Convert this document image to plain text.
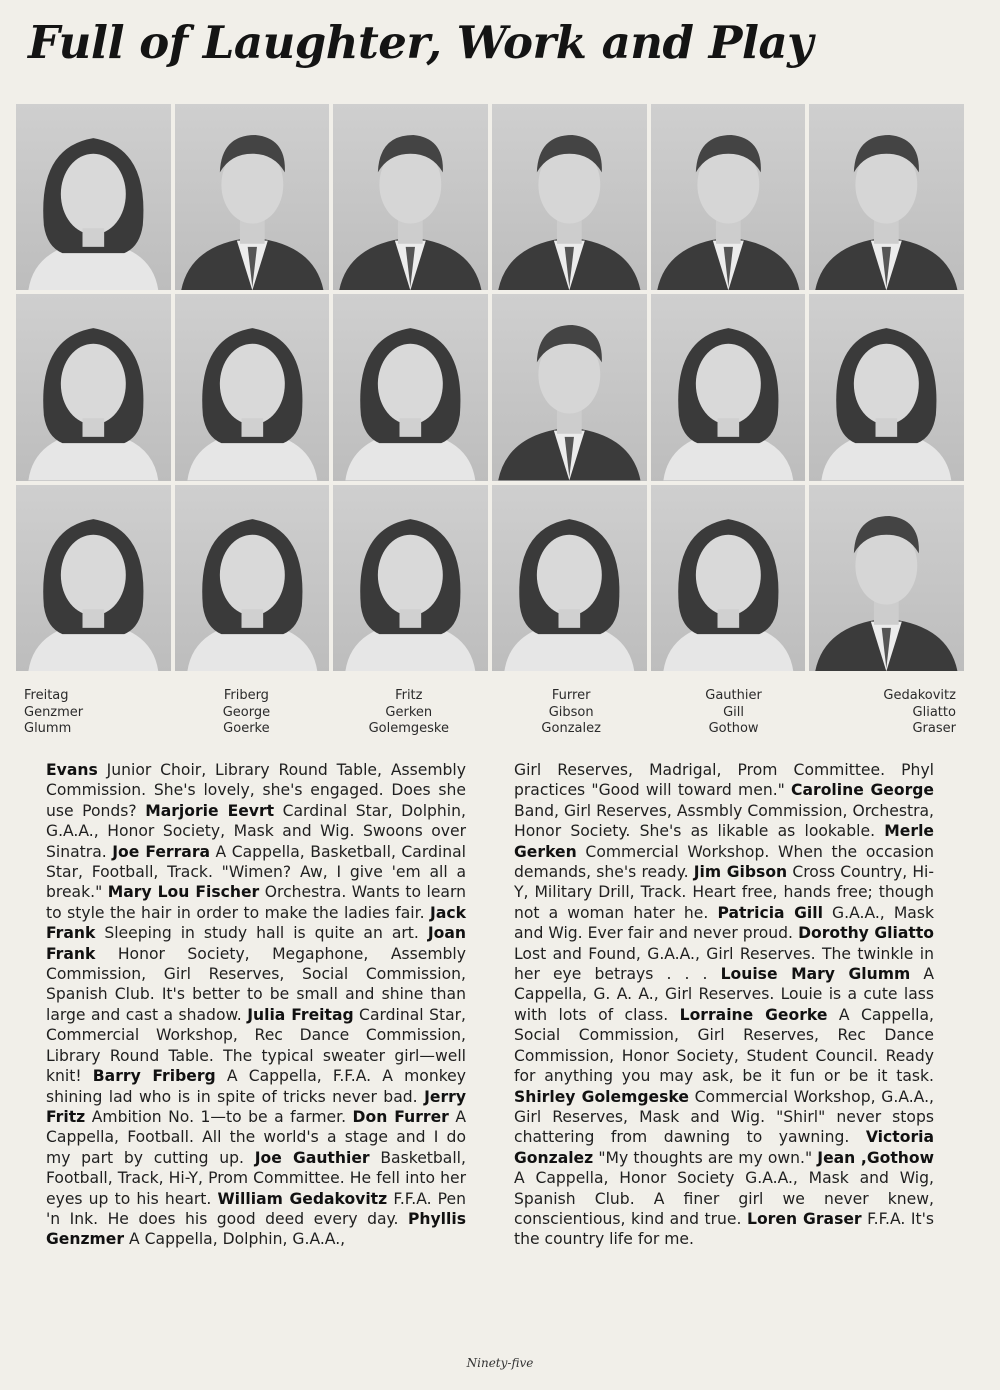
Full of Laughter, Work and Play
Freitag
Genzmer
Glumm
Friberg
George
Goerke
Fritz
Gerken
Golemgeske
Furrer
Gibson
Gonzalez
Gauthier
Gill
Gothow
Gedakovitz
Gliatto
Graser
Evans Junior Choir, Library Round Table, Assembly Commission. She's lovely, she's engaged. Does she use Ponds? Marjorie Eevrt Cardinal Star, Dolphin, G.A.A., Honor Society, Mask and Wig. Swoons over Sinatra. Joe Ferrara A Cappella, Basketball, Cardinal Star, Football, Track. "Wimen? Aw, I give 'em all a break." Mary Lou Fischer Orchestra. Wants to learn to style the hair in order to make the ladies fair. Jack Frank Sleeping in study hall is quite an art. Joan Frank Honor Society, Megaphone, Assembly Commission, Girl Reserves, Social Commission, Spanish Club. It's better to be small and shine than large and cast a shadow. Julia Freitag Cardinal Star, Commercial Workshop, Rec Dance Commission, Library Round Table. The typical sweater girl—well knit! Barry Friberg A Cappella, F.F.A. A monkey shining lad who is in spite of tricks never bad. Jerry Fritz Ambition No. 1—to be a farmer. Don Furrer A Cappella, Football. All the world's a stage and I do my part by cutting up. Joe Gauthier Basketball, Football, Track, Hi-Y, Prom Committee. He fell into her eyes up to his heart. William Gedakovitz F.F.A. Pen 'n Ink. He does his good deed every day. Phyllis Genzmer A Cappella, Dolphin, G.A.A.,
Girl Reserves, Madrigal, Prom Committee. Phyl practices "Good will toward men." Caroline George Band, Girl Reserves, Assmbly Commission, Orchestra, Honor Society. She's as likable as lookable. Merle Gerken Commercial Workshop. When the occasion demands, she's ready. Jim Gibson Cross Country, Hi-Y, Military Drill, Track. Heart free, hands free; though not a woman hater he. Patricia Gill G.A.A., Mask and Wig. Ever fair and never proud. Dorothy Gliatto Lost and Found, G.A.A., Girl Reserves. The twinkle in her eye betrays . . . Louise Mary Glumm A Cappella, G. A. A., Girl Reserves. Louie is a cute lass with lots of class. Lorraine Georke A Cappella, Social Commission, Girl Reserves, Rec Dance Commission, Honor Society, Student Council. Ready for anything you may ask, be it fun or be it task. Shirley Golemgeske Commercial Workshop, G.A.A., Girl Reserves, Mask and Wig. "Shirl" never stops chattering from dawning to yawning. Victoria Gonzalez "My thoughts are my own." Jean ,Gothow A Cappella, Honor Society G.A.A., Mask and Wig, Spanish Club. A finer girl we never knew, conscientious, kind and true. Loren Graser F.F.A. It's the country life for me.
Ninety-five
